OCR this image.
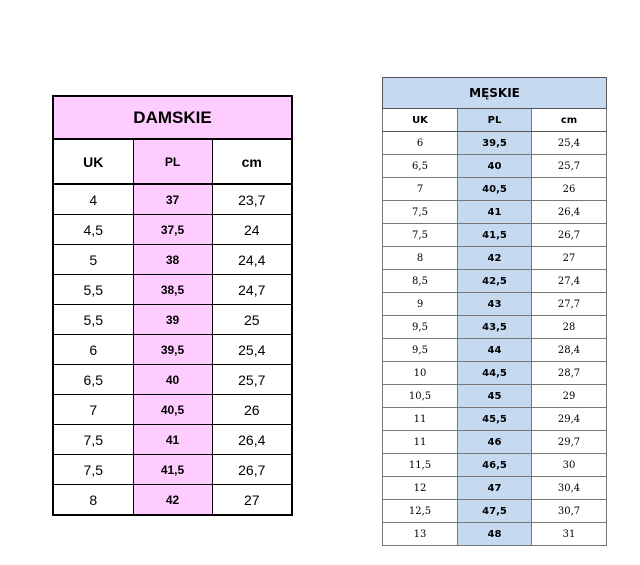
DAMSKIE		
UK	PL	cm
4	37	23,7
4,5	37,5	24
5	38	24,4
5,5	38,5	24,7
5,5	39	25
6	39,5	25,4
6,5	40	25,7
7	40,5	26
7,5	41	26,4
7,5	41,5	26,7
8	42	27
MĘSKIE		
UK	PL	cm
6	39,5	25,4
6,5	40	25,7
7	40,5	26
7,5	41	26,4
7,5	41,5	26,7
8	42	27
8,5	42,5	27,4
9	43	27,7
9,5	43,5	28
9,5	44	28,4
10	44,5	28,7
10,5	45	29
11	45,5	29,4
11	46	29,7
11,5	46,5	30
12	47	30,4
12,5	47,5	30,7
13	48	31
